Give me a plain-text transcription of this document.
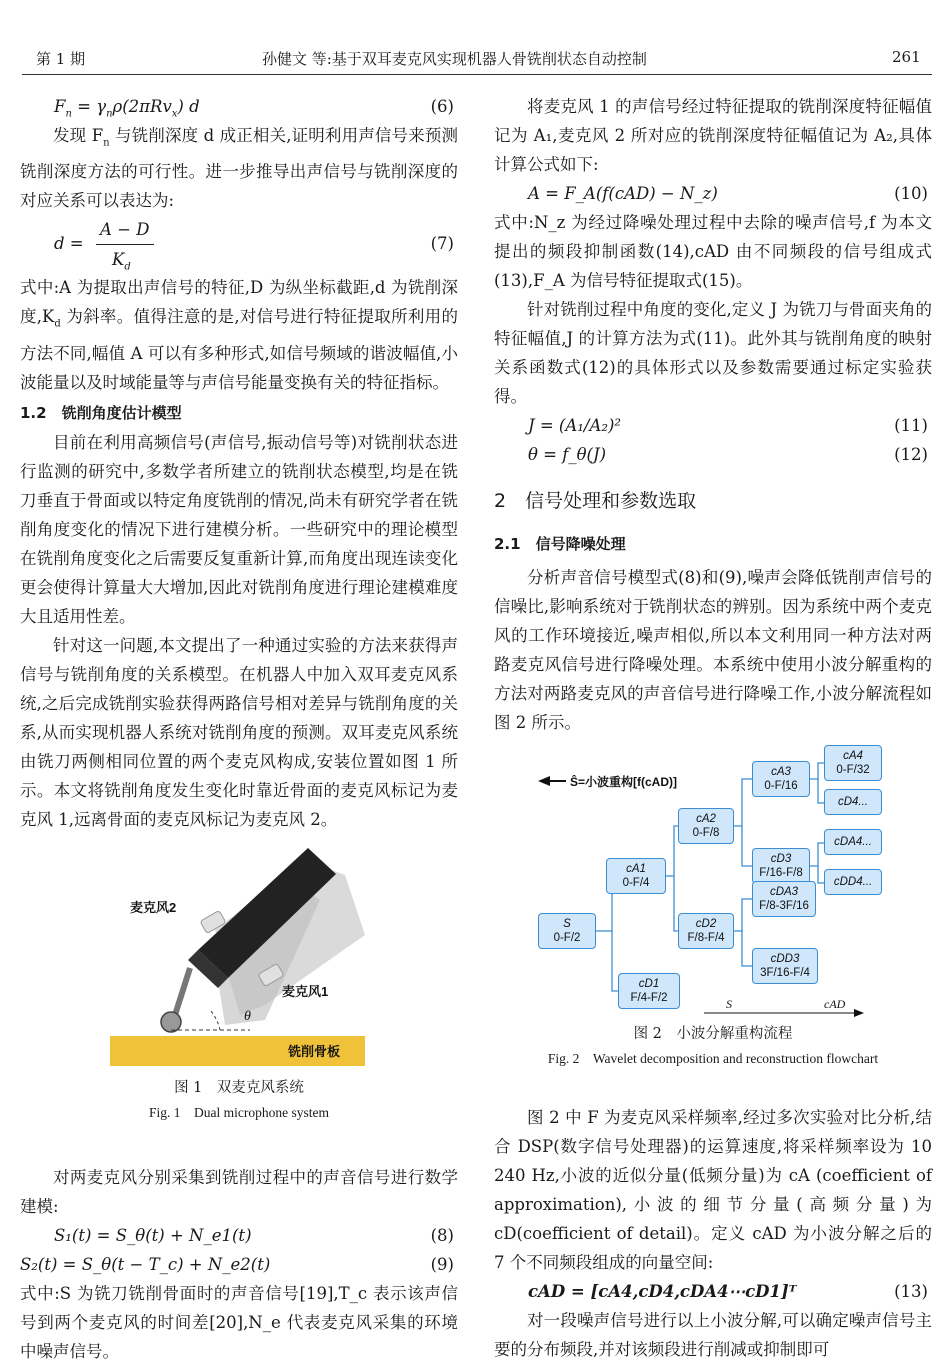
第 1 期	孙健文 等:基于双耳麦克风实现机器人骨铣削状态自动控制	261
$F_n = \gamma_n\rho(2\pi Rv_x)$ d	(6)

发现 $F_n$ 与铣削深度 d 成正相关,证明利用声信号来预测铣削深度方法的可行性。进一步推导出声信号与铣削深度的对应关系可以表达为:

d =
A − D
$K_d$
(7)

式中:A 为提取出声信号的特征,D 为纵坐标截距,d 为铣削深度$,K_d$ 为斜率。值得注意的是,对信号进行特征提取所利用的方法不同,幅值 A 可以有多种形式,如信号频域的谐波幅值,小波能量以及时域能量等与声信号能量变换有关的特征指标。

1.2　铣削角度估计模型

目前在利用高频信号(声信号,振动信号等)对铣削状态进行监测的研究中,多数学者所建立的铣削状态模型,均是在铣刀垂直于骨面或以特定角度铣削的情况,尚未有研究学者在铣削角度变化的情况下进行建模分析。一些研究中的理论模型在铣削角度变化之后需要反复重新计算,而角度出现连读变化更会使得计算量大大增加,因此对铣削角度进行理论建模难度大且适用性差。

针对这一问题,本文提出了一种通过实验的方法来获得声信号与铣削角度的关系模型。在机器人中加入双耳麦克风系统,之后完成铣削实验获得两路信号相对差异与铣削角度的关系,从而实现机器人系统对铣削角度的预测。双耳麦克风系统由铣刀两侧相同位置的两个麦克风构成,安装位置如图 1 所示。本文将铣削角度发生变化时靠近骨面的麦克风标记为麦克风 1,远离骨面的麦克风标记为麦克风 2。

麦克风2
麦克风1
θ
铣削骨板
图 1　双麦克风系统
Fig. 1　Dual microphone system

对两麦克风分别采集到铣削过程中的声音信号进行数学建模:

S₁(t) = S_θ(t) + N_e1(t)	(8)
S₂(t) = S_θ(t − T_c) + N_e2(t)	(9)

式中:S 为铣刀铣削骨面时的声音信号[19],T_c 表示该声信号到两个麦克风的时间差[20],N_e 代表麦克风采集的环境中噪声信号。

将麦克风 1 的声信号经过特征提取的铣削深度特征幅值记为 A₁,麦克风 2 所对应的铣削深度特征幅值记为 A₂,具体计算公式如下:

A = F_A(f(cAD) − N_z)	(10)

式中:N_z 为经过降噪处理过程中去除的噪声信号,f 为本文提出的频段抑制函数(14),cAD 由不同频段的信号组成式(13),F_A 为信号特征提取式(15)。

针对铣削过程中角度的变化,定义 J 为铣刀与骨面夹角的特征幅值,J 的计算方法为式(11)。此外其与铣削角度的映射关系函数式(12)的具体形式以及参数需要通过标定实验获得。

J = (A₁/A₂)²	(11)
θ = f_θ(J)	(12)
2　信号处理和参数选取

2.1　信号降噪处理

分析声音信号模型式(8)和(9),噪声会降低铣削声信号的信噪比,影响系统对于铣削状态的辨别。因为系统中两个麦克风的工作环境接近,噪声相似,所以本文利用同一种方法对两路麦克风信号进行降噪处理。本系统中使用小波分解重构的方法对两路麦克风的声音信号进行降噪工作,小波分解流程如图 2 所示。

Ŝ=小波重构[f(cAD)]
S	cAD
S
0-F/2
cA1
0-F/4
cD1
F/4-F/2
cA2
0-F/8
cD2
F/8-F/4
cA3
0-F/16
cD3
F/16-F/8
cDA3
F/8-3F/16
cDD3
3F/16-F/4
cA4
0-F/32
cD4...
cDA4...
cDD4...
图 2　小波分解重构流程
Fig. 2　Wavelet decomposition and reconstruction flowchart

图 2 中 F 为麦克风采样频率,经过多次实验对比分析,结合 DSP(数字信号处理器)的运算速度,将采样频率设为 10 240 Hz,小波的近似分量(低频分量)为 cA (coefficient of approximation),小波的细节分量(高频分量)为 cD(coefficient of detail)。定义 cAD 为小波分解之后的 7 个不同频段组成的向量空间:

cAD = [cA4,cD4,cDA4⋯cD1]ᵀ	(13)

对一段噪声信号进行以上小波分解,可以确定噪声信号主要的分布频段,并对该频段进行削减或抑制即可
